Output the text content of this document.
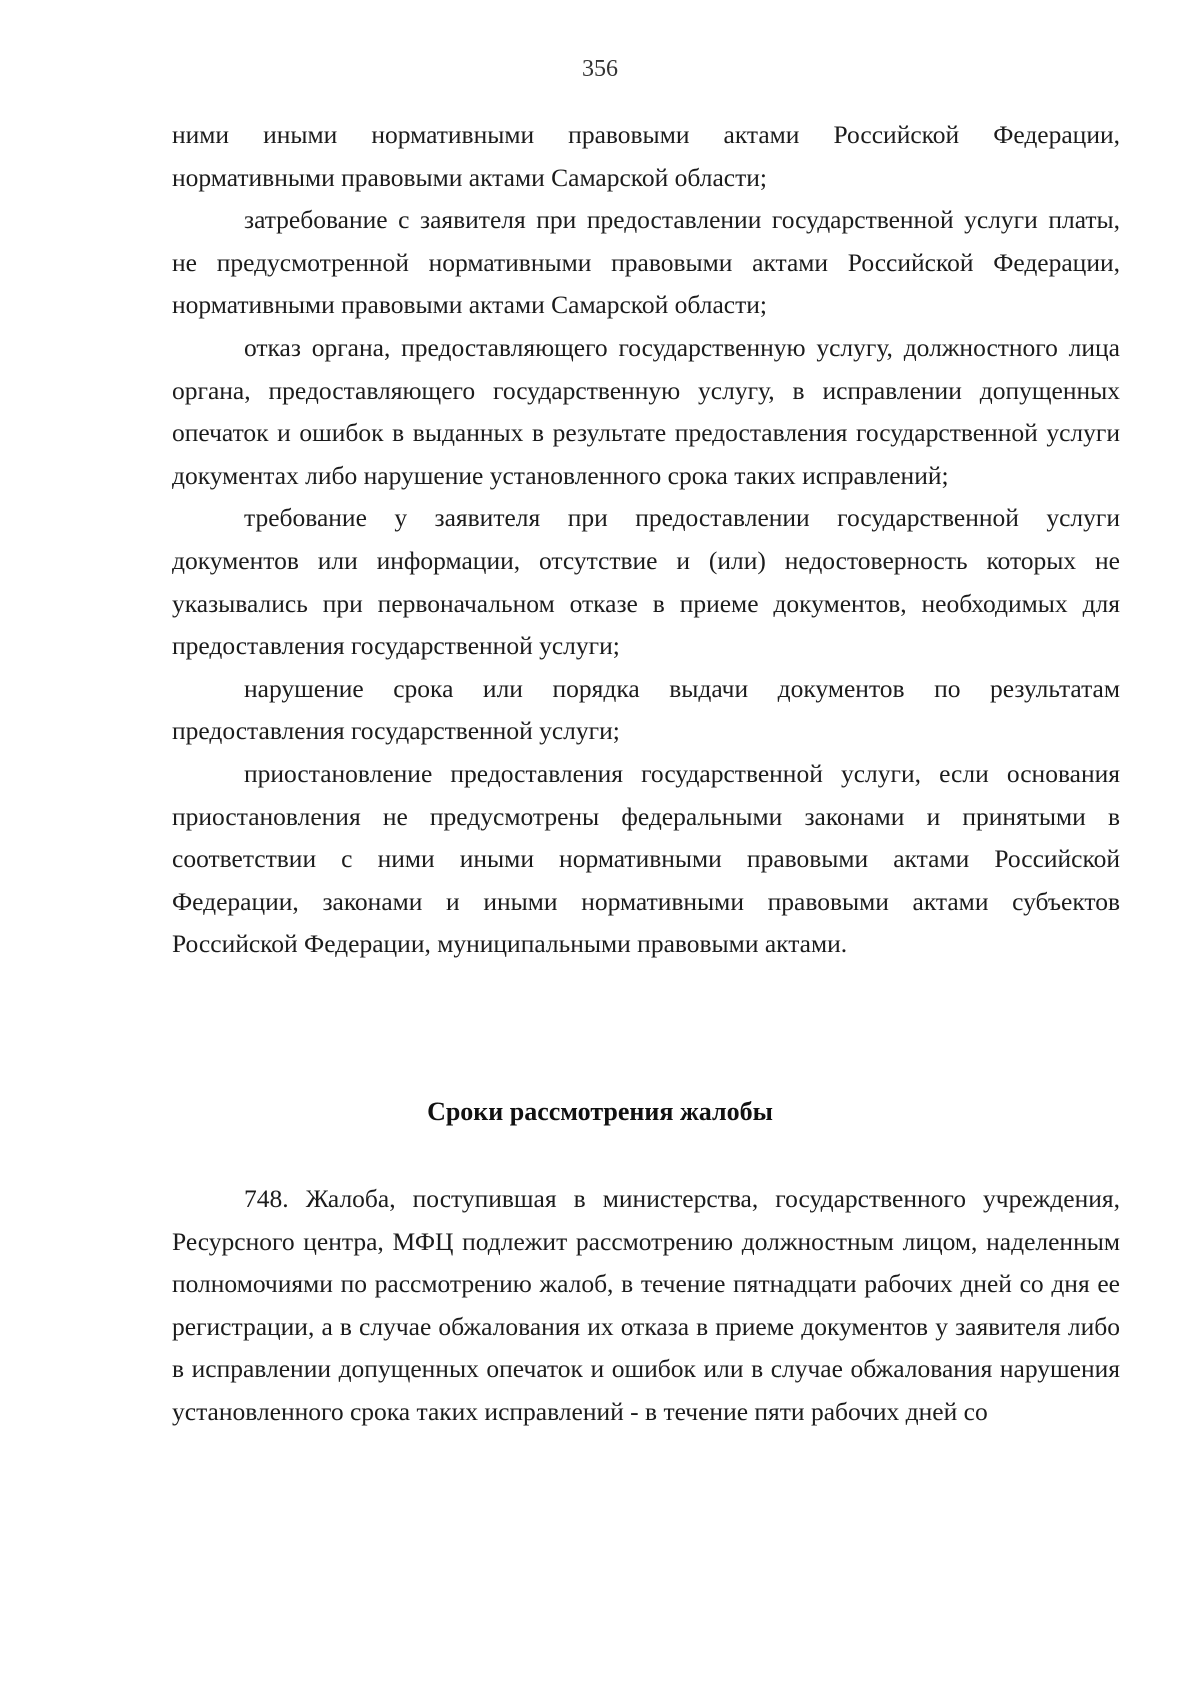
356

ними иными нормативными правовыми актами Российской Федерации, нормативными правовыми актами Самарской области;

затребование с заявителя при предоставлении государственной услуги платы, не предусмотренной нормативными правовыми актами Российской Федерации, нормативными правовыми актами Самарской области;

отказ органа, предоставляющего государственную услугу, должностного лица органа, предоставляющего государственную услугу, в исправлении допущенных опечаток и ошибок в выданных в результате предоставления государственной услуги документах либо нарушение установленного срока таких исправлений;

требование у заявителя при предоставлении государственной услуги документов или информации, отсутствие и (или) недостоверность которых не указывались при первоначальном отказе в приеме документов, необходимых для предоставления государственной услуги;

нарушение срока или порядка выдачи документов по результатам предоставления государственной услуги;

приостановление предоставления государственной услуги, если основания приостановления не предусмотрены федеральными законами и принятыми в соответствии с ними иными нормативными правовыми актами Российской Федерации, законами и иными нормативными правовыми актами субъектов Российской Федерации, муниципальными правовыми актами.

Сроки рассмотрения жалобы

748. Жалоба, поступившая в министерства, государственного учреждения, Ресурсного центра, МФЦ подлежит рассмотрению должностным лицом, наделенным полномочиями по рассмотрению жалоб, в течение пятнадцати рабочих дней со дня ее регистрации, а в случае обжалования их отказа в приеме документов у заявителя либо в исправлении допущенных опечаток и ошибок или в случае обжалования нарушения установленного срока таких исправлений - в течение пяти рабочих дней со
